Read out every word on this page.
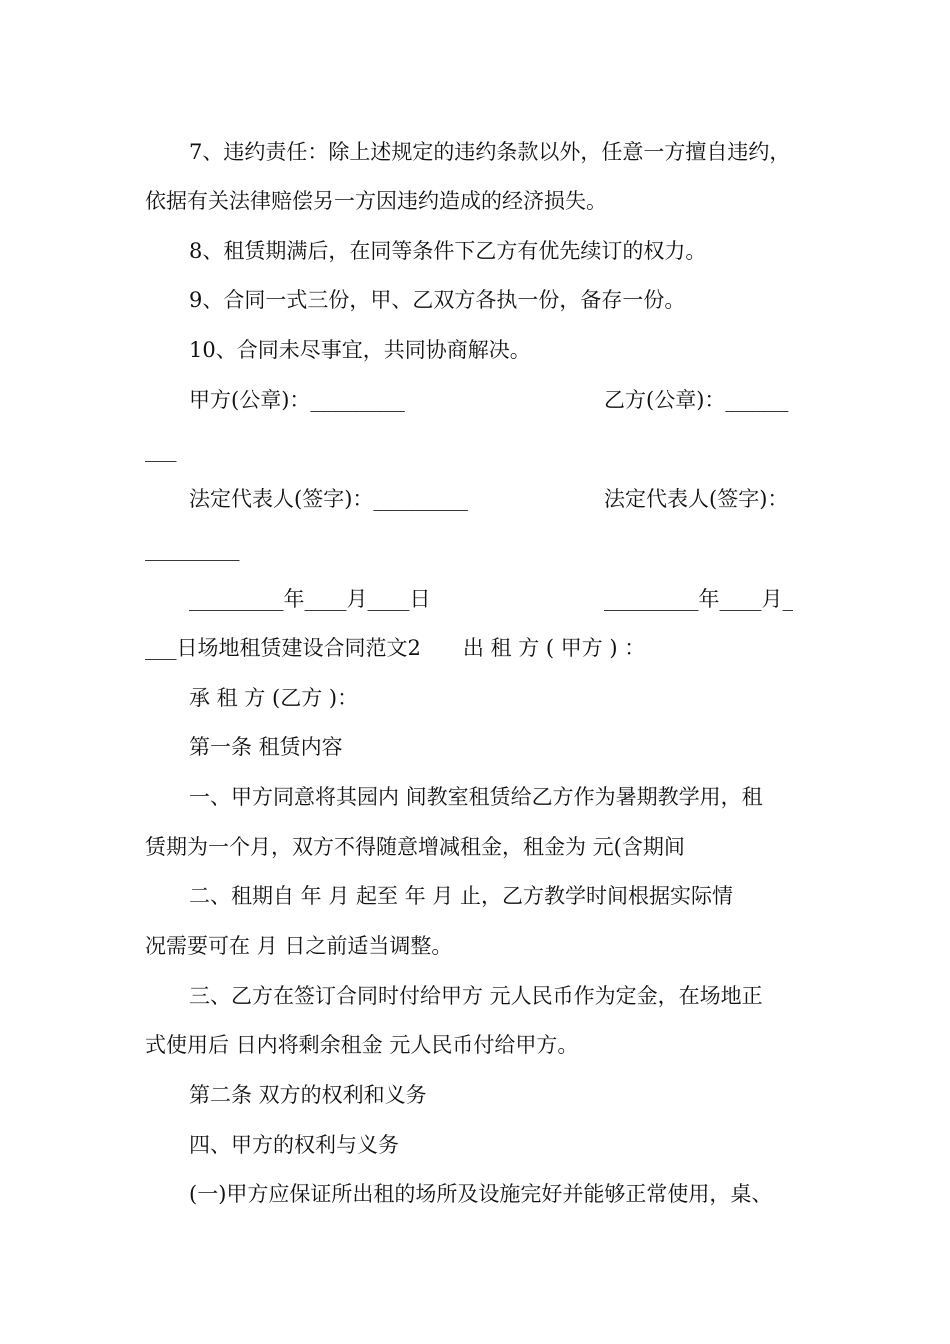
7、违约责任：除上述规定的违约条款以外，任意一方擅自违约，
依据有关法律赔偿另一方因违约造成的经济损失。
8、租赁期满后，在同等条件下乙方有优先续订的权力。
9、合同一式三份，甲、乙双方各执一份，备存一份。
10、合同未尽事宜，共同协商解决。
甲方(公章)：_________	乙方(公章)：______
___
法定代表人(签字)：_________	法定代表人(签字)：
_________
_________年____月____日	_________年____月_
___日场地租赁建设合同范文2　　出 租 方 ( 甲方 ) ：
承 租 方 (乙方 )：
第一条 租赁内容
一、甲方同意将其园内 间教室租赁给乙方作为暑期教学用，租
赁期为一个月，双方不得随意增减租金，租金为 元(含期间
二、租期自 年 月 起至 年 月 止，乙方教学时间根据实际情
况需要可在 月 日之前适当调整。
三、乙方在签订合同时付给甲方 元人民币作为定金，在场地正
式使用后 日内将剩余租金 元人民币付给甲方。
第二条 双方的权利和义务
四、甲方的权利与义务
(一)甲方应保证所出租的场所及设施完好并能够正常使用，桌、
